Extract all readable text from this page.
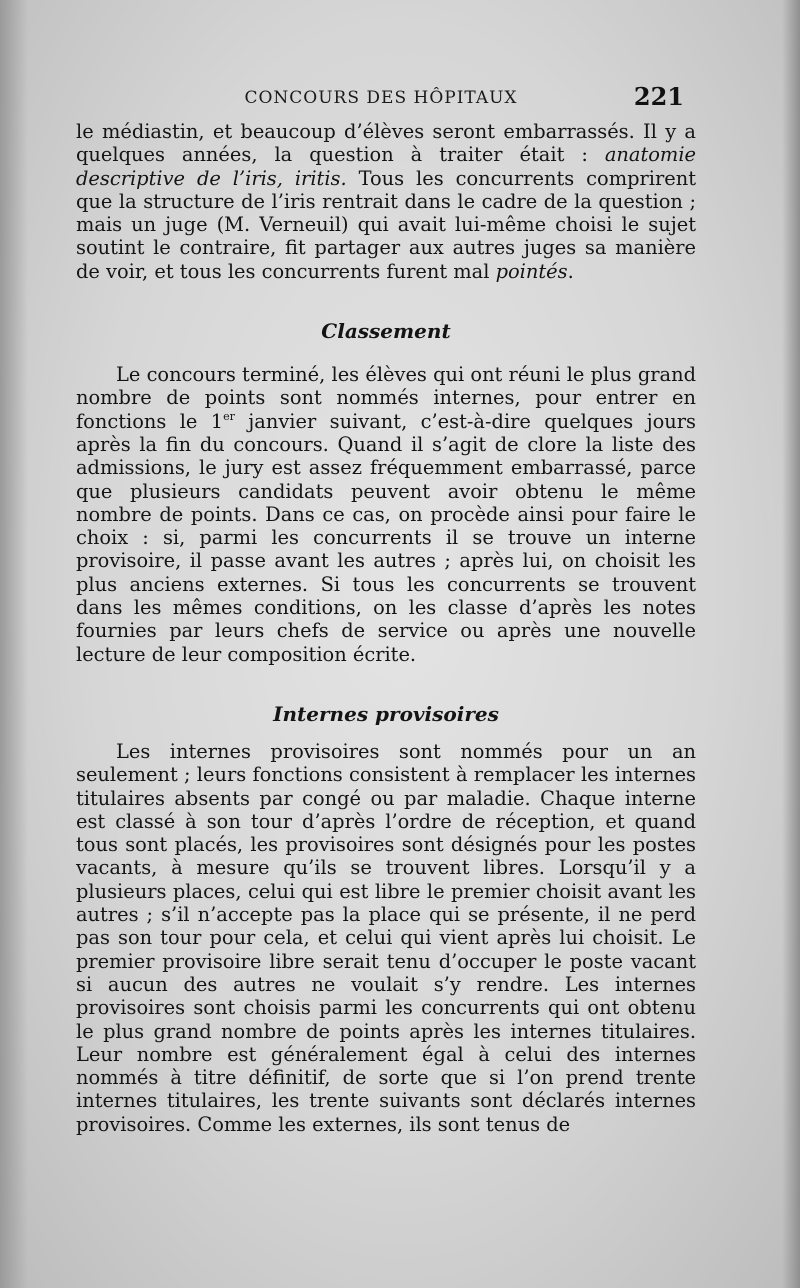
CONCOURS DES HÔPITAUX	221

le médiastin, et beaucoup d’élèves seront embarrassés. Il y a quelques années, la question à traiter était : anatomie descriptive de l’iris, iritis. Tous les concurrents comprirent que la structure de l’iris rentrait dans le cadre de la question ; mais un juge (M. Verneuil) qui avait lui-même choisi le sujet soutint le contraire, fit partager aux autres juges sa manière de voir, et tous les concurrents furent mal pointés.

Classement

Le concours terminé, les élèves qui ont réuni le plus grand nombre de points sont nommés internes, pour entrer en fonctions le 1er janvier suivant, c’est-à-dire quelques jours après la fin du concours. Quand il s’agit de clore la liste des admissions, le jury est assez fréquemment embarrassé, parce que plusieurs candidats peuvent avoir obtenu le même nombre de points. Dans ce cas, on procède ainsi pour faire le choix : si, parmi les concurrents il se trouve un interne provisoire, il passe avant les autres ; après lui, on choisit les plus anciens externes. Si tous les concurrents se trouvent dans les mêmes conditions, on les classe d’après les notes fournies par leurs chefs de service ou après une nouvelle lecture de leur composition écrite.

Internes provisoires

Les internes provisoires sont nommés pour un an seulement ; leurs fonctions consistent à remplacer les internes titulaires absents par congé ou par maladie. Chaque interne est classé à son tour d’après l’ordre de réception, et quand tous sont placés, les provisoires sont désignés pour les postes vacants, à mesure qu’ils se trouvent libres. Lorsqu’il y a plusieurs places, celui qui est libre le premier choisit avant les autres ; s’il n’accepte pas la place qui se présente, il ne perd pas son tour pour cela, et celui qui vient après lui choisit. Le premier provisoire libre serait tenu d’occuper le poste vacant si aucun des autres ne voulait s’y rendre. Les internes provisoires sont choisis parmi les concurrents qui ont obtenu le plus grand nombre de points après les internes titulaires. Leur nombre est généralement égal à celui des internes nommés à titre définitif, de sorte que si l’on prend trente internes titulaires, les trente suivants sont déclarés internes provisoires. Comme les externes, ils sont tenus de
